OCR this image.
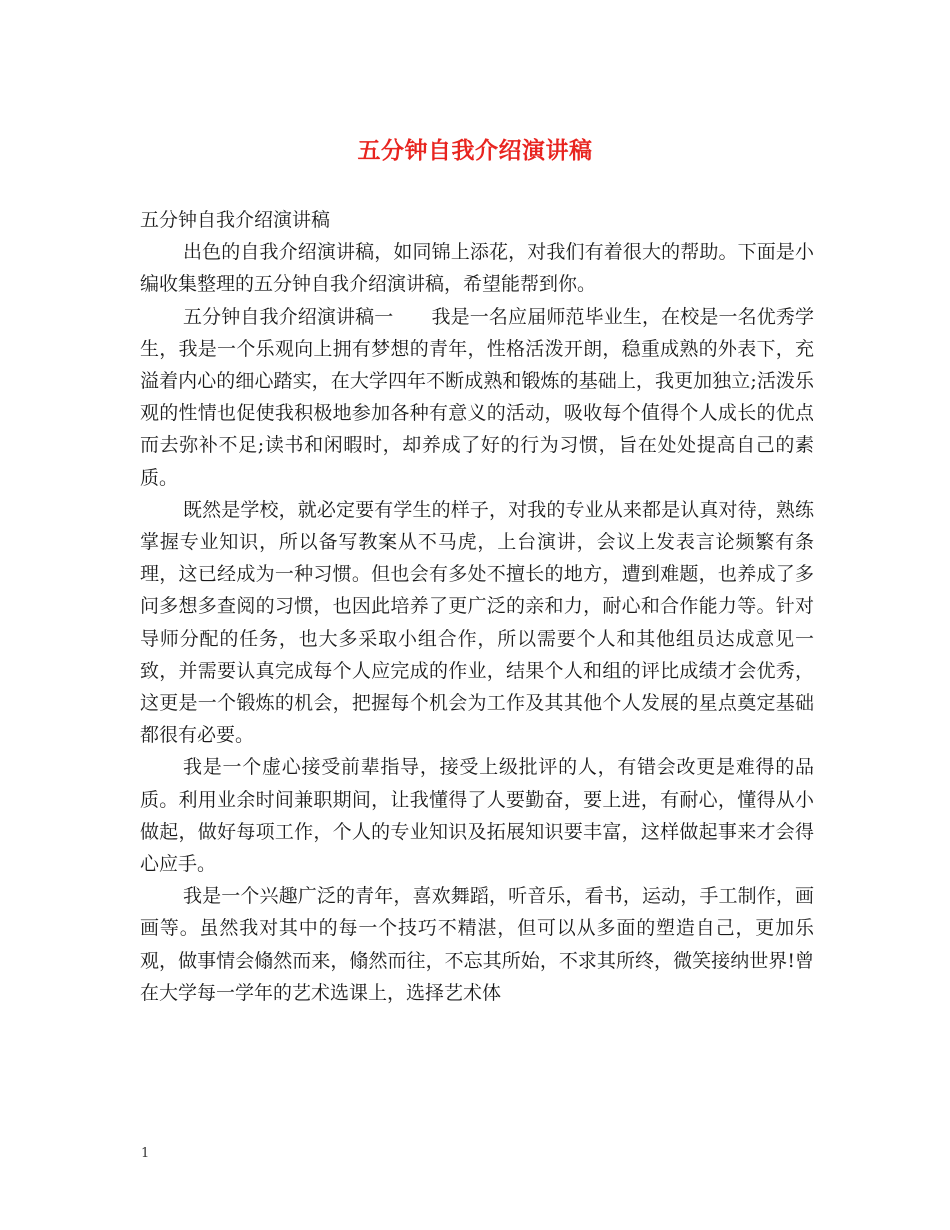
五分钟自我介绍演讲稿

五分钟自我介绍演讲稿

出色的自我介绍演讲稿，如同锦上添花，对我们有着很大的帮助。下面是小编收集整理的五分钟自我介绍演讲稿，希望能帮到你。

五分钟自我介绍演讲稿一 我是一名应届师范毕业生，在校是一名优秀学生，我是一个乐观向上拥有梦想的青年，性格活泼开朗，稳重成熟的外表下，充溢着内心的细心踏实，在大学四年不断成熟和锻炼的基础上，我更加独立;活泼乐观的性情也促使我积极地参加各种有意义的活动，吸收每个值得个人成长的优点而去弥补不足;读书和闲暇时，却养成了好的行为习惯，旨在处处提高自己的素质。

既然是学校，就必定要有学生的样子，对我的专业从来都是认真对待，熟练掌握专业知识，所以备写教案从不马虎，上台演讲，会议上发表言论频繁有条理，这已经成为一种习惯。但也会有多处不擅长的地方，遭到难题，也养成了多问多想多查阅的习惯，也因此培养了更广泛的亲和力，耐心和合作能力等。针对导师分配的任务，也大多采取小组合作，所以需要个人和其他组员达成意见一致，并需要认真完成每个人应完成的作业，结果个人和组的评比成绩才会优秀，这更是一个锻炼的机会，把握每个机会为工作及其其他个人发展的星点奠定基础都很有必要。

我是一个虚心接受前辈指导，接受上级批评的人，有错会改更是难得的品质。利用业余时间兼职期间，让我懂得了人要勤奋，要上进，有耐心，懂得从小做起，做好每项工作，个人的专业知识及拓展知识要丰富，这样做起事来才会得心应手。

我是一个兴趣广泛的青年，喜欢舞蹈，听音乐，看书，运动，手工制作，画画等。虽然我对其中的每一个技巧不精湛，但可以从多面的塑造自己，更加乐观，做事情会翛然而来，翛然而往，不忘其所始，不求其所终，微笑接纳世界!曾在大学每一学年的艺术选课上，选择艺术体

1
